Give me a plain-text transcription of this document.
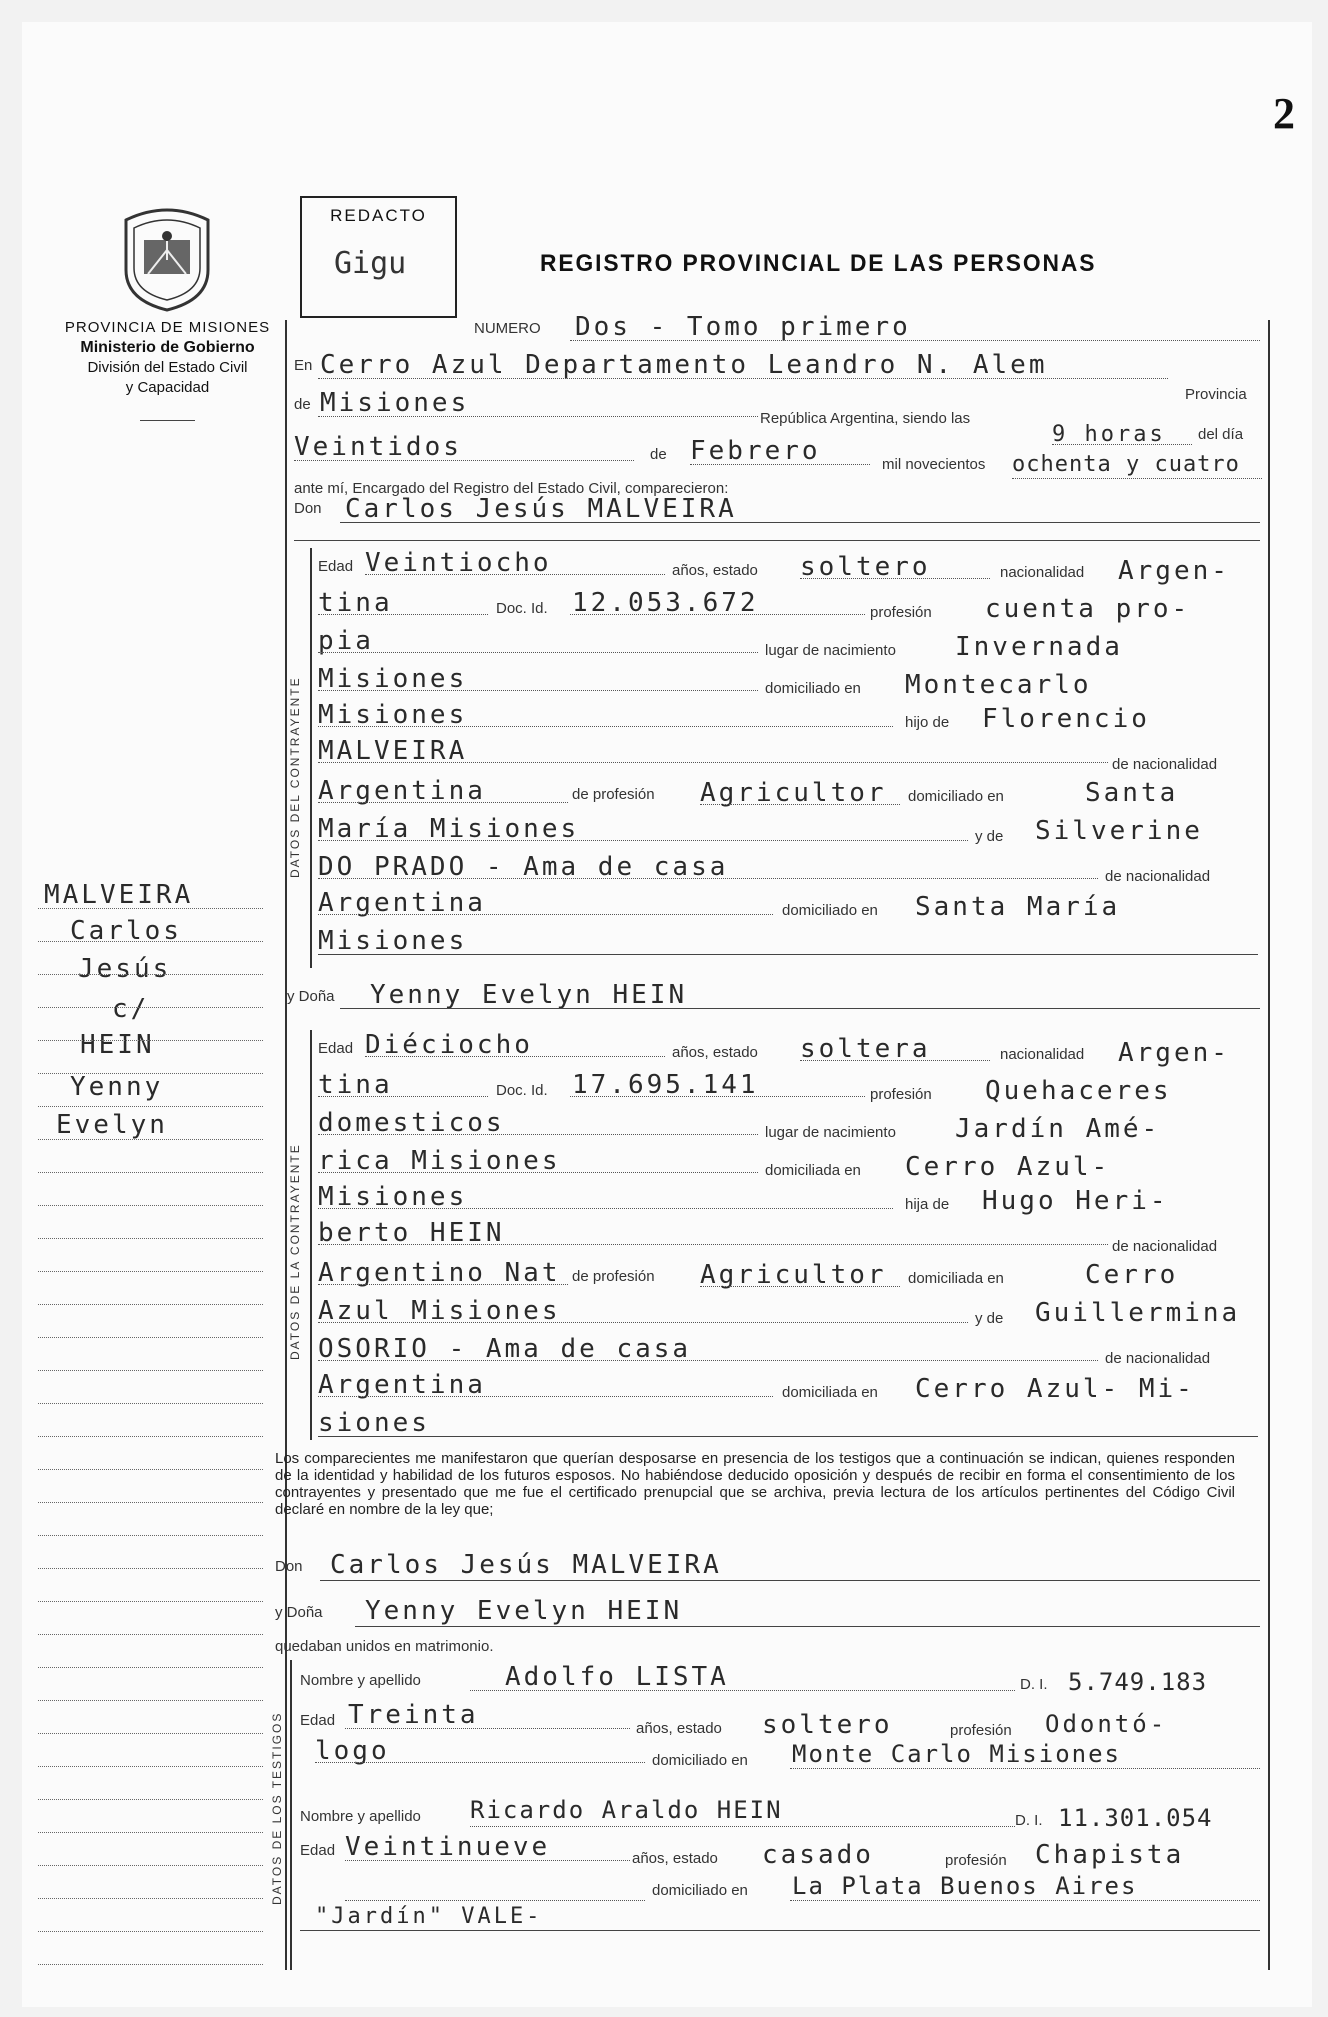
2
PROVINCIA DE MISIONES
Ministerio de Gobierno
División del Estado Civil
y Capacidad
REDACTO
Gigu	REGISTRO PROVINCIAL DE LAS PERSONAS
NUMERO Dos - Tomo primero
En Cerro Azul Departamento Leandro N. Alem
Provincia
de Misiones
República Argentina, siendo las
9 horas del día
Veintidos	de Febrero	mil novecientos ochenta y cuatro
ante mí, Encargado del Registro del Estado Civil, comparecieron:
Don Carlos Jesús MALVEIRA
DATOS DEL CONTRAYENTE
y Doña Yenny Evelyn HEIN
DATOS DE LA CONTRAYENTE
Los comparecientes me manifestaron que querían desposarse en presencia de los testigos que a continuación se indican, quienes responden de la identidad y habilidad de los futuros esposos. No habiéndose deducido oposición y después de recibir en forma el consentimiento de los contrayentes y presentado que me fue el certificado prenupcial que se archiva, previa lectura de los artículos pertinentes del Código Civil declaré en nombre de la ley que;
Don Carlos Jesús MALVEIRA
y Doña Yenny Evelyn HEIN
quedaban unidos en matrimonio.
DATOS DE LOS TESTIGOS
Nombre y apellido	Adolfo LISTA	D. I. 5.749.183
Edad Treinta	años, estado soltero	profesión Odontó-
logo	domiciliado en Monte Carlo Misiones
Nombre y apellido Ricardo Araldo HEIN	D. I. 11.301.054
Edad Veintinueve	años, estado casado	profesión Chapista
domiciliado en La Plata Buenos Aires
"Jardín" VALE-
Edad Veintiocho	años, estado soltero	nacionalidad Argen-
tina	Doc. Id. 12.053.672	profesión cuenta pro-
pia	lugar de nacimiento Invernada
Misiones	domiciliado en Montecarlo
Misiones	hijo de Florencio
MALVEIRA	de nacionalidad
Argentina	de profesión Agricultor domiciliado en	Santa
María Misiones	y de Silverine
DO PRADO - Ama de casa	de nacionalidad
Argentina	domiciliado en Santa María
Misiones
Edad Diéciocho	años, estado soltera	nacionalidad Argen-
tina	Doc. Id. 17.695.141	profesión Quehaceres
domesticos	lugar de nacimiento Jardín Amé-
rica Misiones	domiciliada en Cerro Azul-
Misiones	hija de Hugo Heri-
berto HEIN	de nacionalidad
Argentino Nat de profesión Agricultor domiciliada en	Cerro
Azul Misiones	y de Guillermina
OSORIO - Ama de casa	de nacionalidad
Argentina	domiciliada en Cerro Azul- Mi-
siones
MALVEIRA
Carlos
Jesús
c/
HEIN
Yenny
Evelyn
